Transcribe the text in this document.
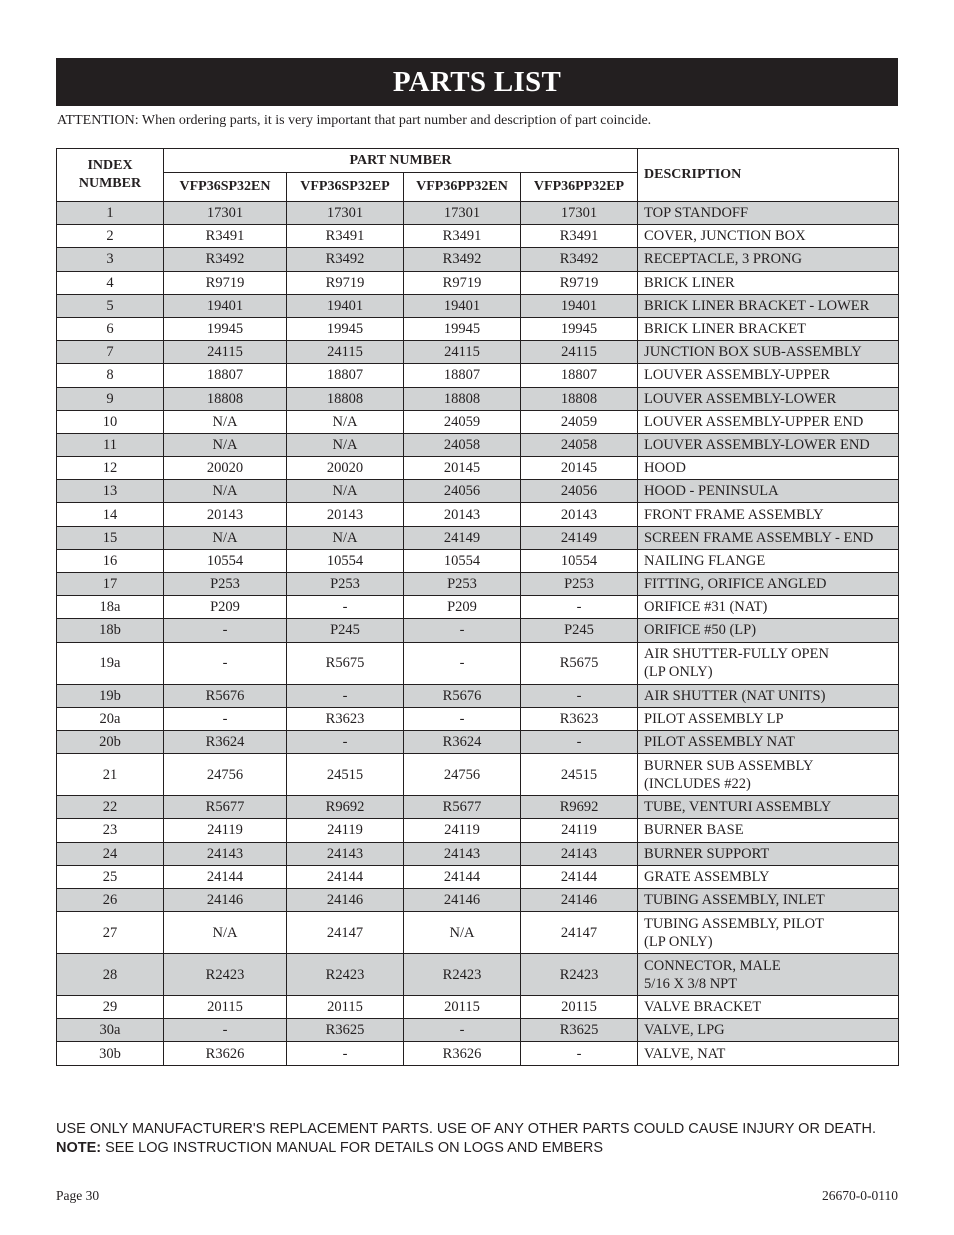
PARTS LIST
ATTENTION: When ordering parts, it is very important that part number and description of part coincide.
INDEX NUMBER	PART NUMBER				DESCRIPTION
	VFP36SP32EN	VFP36SP32EP	VFP36PP32EN	VFP36PP32EP	
1	17301	17301	17301	17301	TOP STANDOFF

2	R3491	R3491	R3491	R3491	COVER, JUNCTION BOX

3	R3492	R3492	R3492	R3492	RECEPTACLE, 3 PRONG

4	R9719	R9719	R9719	R9719	BRICK LINER

5	19401	19401	19401	19401	BRICK LINER BRACKET - LOWER

6	19945	19945	19945	19945	BRICK LINER BRACKET

7	24115	24115	24115	24115	JUNCTION BOX SUB-ASSEMBLY

8	18807	18807	18807	18807	LOUVER ASSEMBLY-UPPER

9	18808	18808	18808	18808	LOUVER ASSEMBLY-LOWER

10	N/A	N/A	24059	24059	LOUVER ASSEMBLY-UPPER END

11	N/A	N/A	24058	24058	LOUVER ASSEMBLY-LOWER END

12	20020	20020	20145	20145	HOOD

13	N/A	N/A	24056	24056	HOOD - PENINSULA

14	20143	20143	20143	20143	FRONT FRAME ASSEMBLY

15	N/A	N/A	24149	24149	SCREEN FRAME ASSEMBLY - END

16	10554	10554	10554	10554	NAILING FLANGE

17	P253	P253	P253	P253	FITTING, ORIFICE ANGLED

18a	P209	-	P209	-	ORIFICE #31 (NAT)

18b	-	P245	-	P245	ORIFICE #50 (LP)

19a	-	R5675	-	R5675	AIR SHUTTER-FULLY OPEN
(LP ONLY)

19b	R5676	-	R5676	-	AIR SHUTTER (NAT UNITS)

20a	-	R3623	-	R3623	PILOT ASSEMBLY LP

20b	R3624	-	R3624	-	PILOT ASSEMBLY NAT

21	24756	24515	24756	24515	BURNER SUB ASSEMBLY
(INCLUDES #22)

22	R5677	R9692	R5677	R9692	TUBE, VENTURI ASSEMBLY

23	24119	24119	24119	24119	BURNER BASE

24	24143	24143	24143	24143	BURNER SUPPORT

25	24144	24144	24144	24144	GRATE ASSEMBLY

26	24146	24146	24146	24146	TUBING ASSEMBLY, INLET

27	N/A	24147	N/A	24147	TUBING ASSEMBLY, PILOT
(LP ONLY)

28	R2423	R2423	R2423	R2423	CONNECTOR, MALE
5/16 X 3/8 NPT

29	20115	20115	20115	20115	VALVE BRACKET

30a	-	R3625	-	R3625	VALVE, LPG

30b	R3626	-	R3626	-	VALVE, NAT
USE ONLY MANUFACTURER'S REPLACEMENT PARTS. USE OF ANY OTHER PARTS COULD CAUSE INJURY OR DEATH.
NOTE: SEE LOG INSTRUCTION MANUAL FOR DETAILS ON LOGS AND EMBERS
Page 30	26670-0-0110
